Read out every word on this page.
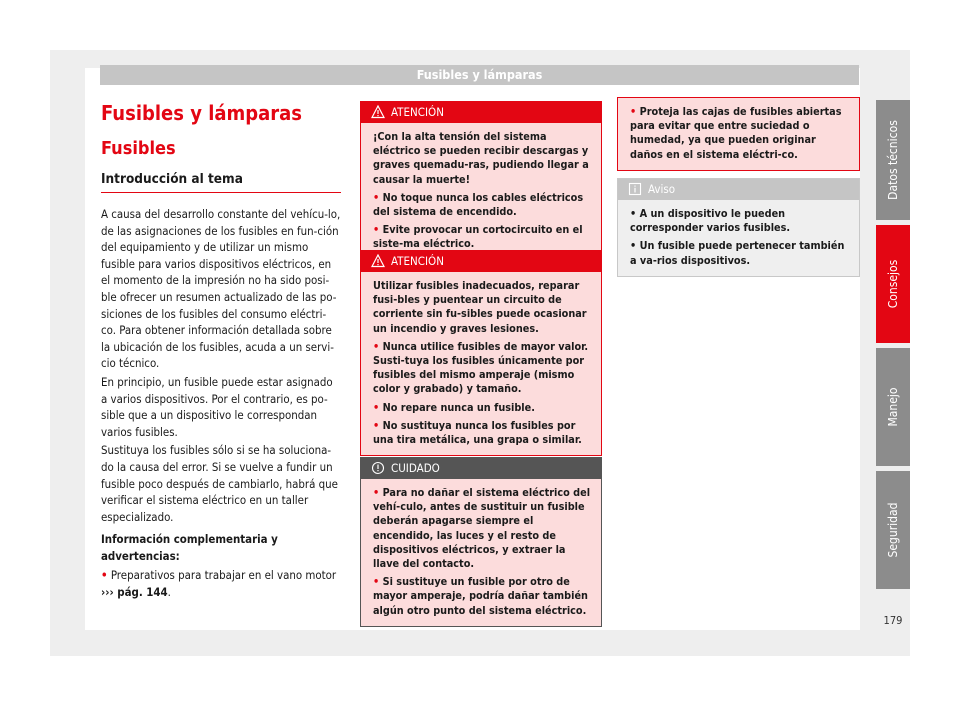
Fusibles y lámparas
Fusibles y lámparas
Fusibles
Introducción al tema

A causa del desarrollo constante del vehícu-lo, de las asignaciones de los fusibles en fun-ción del equipamiento y de utilizar un mismo fusible para varios dispositivos eléctricos, en el momento de la impresión no ha sido posi-ble ofrecer un resumen actualizado de las po-siciones de los fusibles del consumo eléctri-co. Para obtener información detallada sobre la ubicación de los fusibles, acuda a un servi-cio técnico.

En principio, un fusible puede estar asignado a varios dispositivos. Por el contrario, es po-sible que a un dispositivo le correspondan varios fusibles.

Sustituya los fusibles sólo si se ha soluciona-do la causa del error. Si se vuelve a fundir un fusible poco después de cambiarlo, habrá que verificar el sistema eléctrico en un taller especializado.

Información complementaria y advertencias:

• Preparativos para trabajar en el vano motor
››› pág. 144.

ATENCIÓN

¡Con la alta tensión del sistema eléctrico se pueden recibir descargas y graves quemadu-ras, pudiendo llegar a causar la muerte!

• No toque nunca los cables eléctricos del sistema de encendido.

• Evite provocar un cortocircuito en el siste-ma eléctrico.

ATENCIÓN

Utilizar fusibles inadecuados, reparar fusi-bles y puentear un circuito de corriente sin fu-sibles puede ocasionar un incendio y graves lesiones.

• Nunca utilice fusibles de mayor valor. Susti-tuya los fusibles únicamente por fusibles del mismo amperaje (mismo color y grabado) y tamaño.

• No repare nunca un fusible.

• No sustituya nunca los fusibles por una tira metálica, una grapa o similar.

CUIDADO

• Para no dañar el sistema eléctrico del vehí-culo, antes de sustituir un fusible deberán apagarse siempre el encendido, las luces y el resto de dispositivos eléctricos, y extraer la llave del contacto.

• Si sustituye un fusible por otro de mayor amperaje, podría dañar también algún otro punto del sistema eléctrico.

• Proteja las cajas de fusibles abiertas para evitar que entre suciedad o humedad, ya que pueden originar daños en el sistema eléctri-co.

Aviso

• A un dispositivo le pueden corresponder varios fusibles.

• Un fusible puede pertenecer también a va-rios dispositivos.

Datos técnicos
Consejos
Manejo
Seguridad
179
